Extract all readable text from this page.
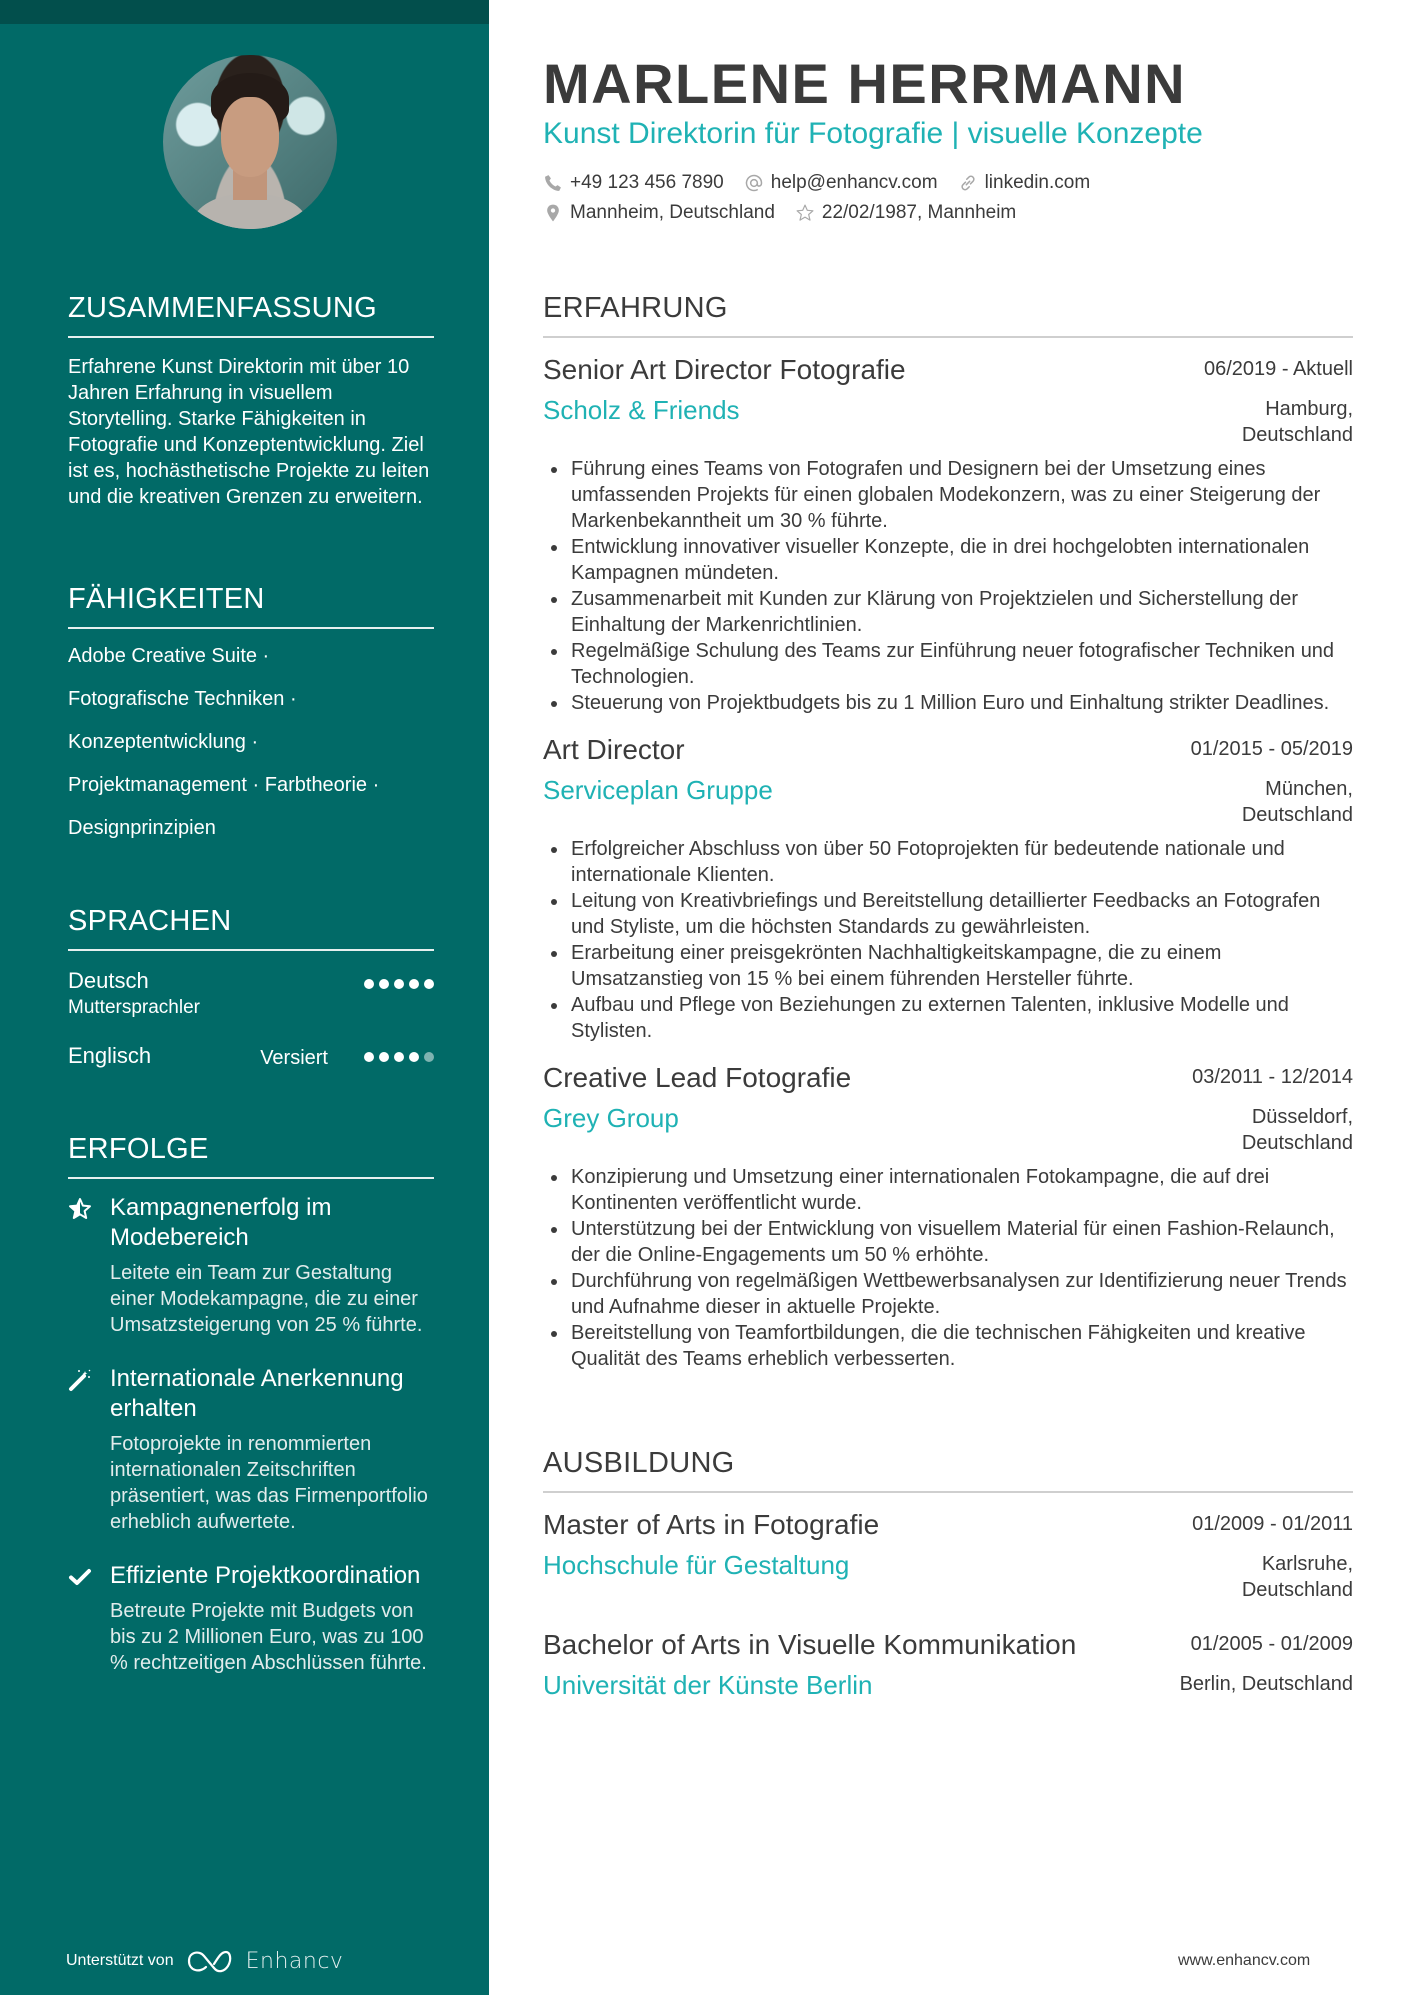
ZUSAMMENFASSUNG
Erfahrene Kunst Direktorin mit über 10 Jahren Erfahrung in visuellem Storytelling. Starke Fähigkeiten in Fotografie und Konzeptentwicklung. Ziel ist es, hochästhetische Projekte zu leiten und die kreativen Grenzen zu erweitern.
FÄHIGKEITEN
Adobe Creative Suite ·
Fotografische Techniken ·
Konzeptentwicklung ·
Projektmanagement · Farbtheorie ·
Designprinzipien
SPRACHEN
Deutsch
Muttersprachler
Englisch	Versiert
ERFOLGE
Kampagnenerfolg im Modebereich
Leitete ein Team zur Gestaltung einer Modekampagne, die zu einer Umsatzsteigerung von 25 % führte.
Internationale Anerkennung erhalten
Fotoprojekte in renommierten internationalen Zeitschriften präsentiert, was das Firmenportfolio erheblich aufwertete.
Effiziente Projektkoordination
Betreute Projekte mit Budgets von bis zu 2 Millionen Euro, was zu 100 % rechtzeitigen Abschlüssen führte.
Unterstützt von	Enhancv
MARLENE HERRMANN
Kunst Direktorin für Fotografie | visuelle Konzepte
+49 123 456 7890 help@enhancv.com linkedin.com
Mannheim, Deutschland 22/02/1987, Mannheim
ERFAHRUNG
Senior Art Director Fotografie	06/2019 - Aktuell
Scholz & Friends	Hamburg, Deutschland
Führung eines Teams von Fotografen und Designern bei der Umsetzung eines umfassenden Projekts für einen globalen Modekonzern, was zu einer Steigerung der Markenbekanntheit um 30 % führte.
Entwicklung innovativer visueller Konzepte, die in drei hochgelobten internationalen Kampagnen mündeten.
Zusammenarbeit mit Kunden zur Klärung von Projektzielen und Sicherstellung der Einhaltung der Markenrichtlinien.
Regelmäßige Schulung des Teams zur Einführung neuer fotografischer Techniken und Technologien.
Steuerung von Projektbudgets bis zu 1 Million Euro und Einhaltung strikter Deadlines.
Art Director	01/2015 - 05/2019
Serviceplan Gruppe	München, Deutschland
Erfolgreicher Abschluss von über 50 Fotoprojekten für bedeutende nationale und internationale Klienten.
Leitung von Kreativbriefings und Bereitstellung detaillierter Feedbacks an Fotografen und Styliste, um die höchsten Standards zu gewährleisten.
Erarbeitung einer preisgekrönten Nachhaltigkeitskampagne, die zu einem Umsatzanstieg von 15 % bei einem führenden Hersteller führte.
Aufbau und Pflege von Beziehungen zu externen Talenten, inklusive Modelle und Stylisten.
Creative Lead Fotografie	03/2011 - 12/2014
Grey Group	Düsseldorf, Deutschland
Konzipierung und Umsetzung einer internationalen Fotokampagne, die auf drei Kontinenten veröffentlicht wurde.
Unterstützung bei der Entwicklung von visuellem Material für einen Fashion-Relaunch, der die Online-Engagements um 50 % erhöhte.
Durchführung von regelmäßigen Wettbewerbsanalysen zur Identifizierung neuer Trends und Aufnahme dieser in aktuelle Projekte.
Bereitstellung von Teamfortbildungen, die die technischen Fähigkeiten und kreative Qualität des Teams erheblich verbesserten.
AUSBILDUNG
Master of Arts in Fotografie	01/2009 - 01/2011
Hochschule für Gestaltung	Karlsruhe, Deutschland
Bachelor of Arts in Visuelle Kommunikation	01/2005 - 01/2009
Universität der Künste Berlin	Berlin, Deutschland
www.enhancv.com
